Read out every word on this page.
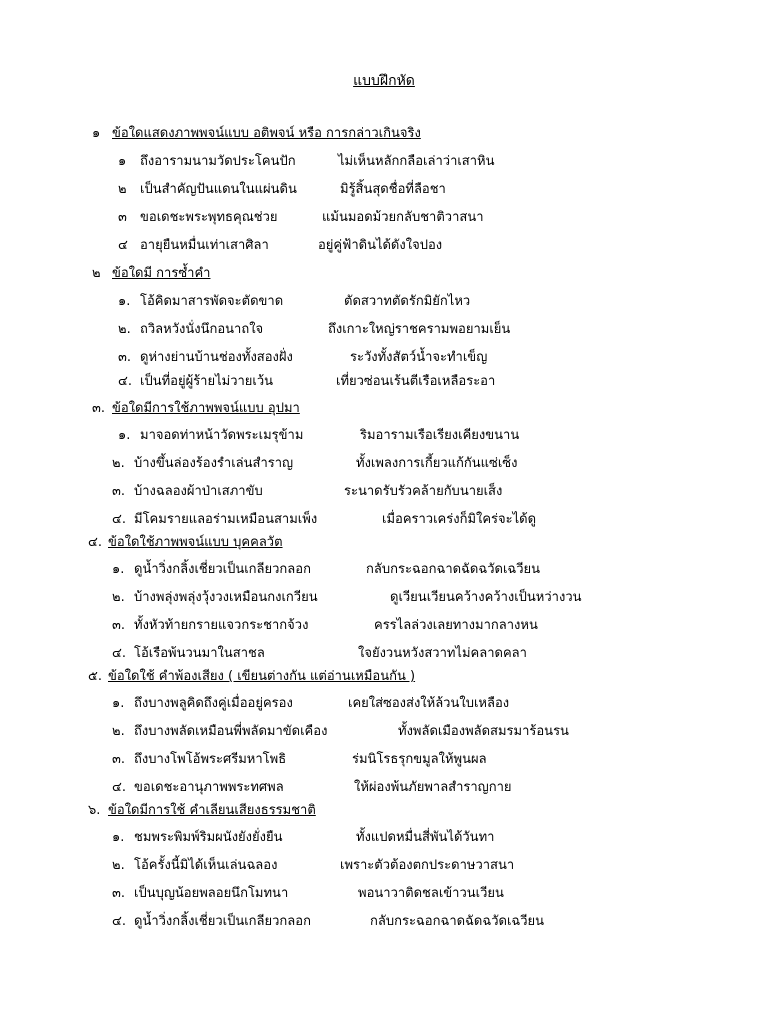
แบบฝึกหัด
๑ ข้อใดแสดงภาพพจน์แบบ อติพจน์ หรือ การกล่าวเกินจริง
๑ ถึงอารามนามวัดประโคนปัก	ไม่เห็นหลักกลือเล่าว่าเสาหิน
๒ เป็นสำคัญปันแดนในแผ่นดิน	มิรู้สิ้นสุดชื่อที่ลือชา
๓ ขอเดชะพระพุทธคุณช่วย	แม้นมอดม้วยกลับชาติวาสนา
๔ อายุยืนหมื่นเท่าเสาศิลา	อยู่คู่ฟ้าดินได้ดังใจปอง
๒ ข้อใดมี การซ้ำคำ
๑. โอ้คิดมาสารพัดจะตัดขาด	ตัดสวาทตัดรักมิยักไหว
๒. ถวิลหวังนั่งนึกอนาถใจ	ถึงเกาะใหญ่ราชครามพอยามเย็น
๓. ดูห่างย่านบ้านช่องทั้งสองฝั่ง	ระวังทั้งสัตว์น้ำจะทำเข็ญ
๔. เป็นที่อยู่ผู้ร้ายไม่วายเว้น	เที่ยวซ่อนเร้นตีเรือเหลือระอา
๓. ข้อใดมีการใช้ภาพพจน์แบบ อุปมา
๑. มาจอดท่าหน้าวัดพระเมรุข้าม	ริมอารามเรือเรียงเคียงขนาน
๒. บ้างขึ้นล่องร้องรำเล่นสำราญ	ทั้งเพลงการเกี้ยวแก้กันแซ่เซ็ง
๓. บ้างฉลองผ้าป่าเสภาขับ	ระนาดรับรัวคล้ายกับนายเส็ง
๔. มีโคมรายแลอร่ามเหมือนสามเพ็ง	เมื่อคราวเคร่งก็มิใคร่จะได้ดู
๔. ข้อใดใช้ภาพพจน์แบบ บุคคลวัต
๑. ดูน้ำวิ่งกลิ้งเชี่ยวเป็นเกลียวกลอก	กลับกระฉอกฉาดฉัดฉวัดเฉวียน
๒. บ้างพลุ่งพลุ่งวุ้งวงเหมือนกงเกวียน	ดูเวียนเวียนคว้างคว้างเป็นหว่างวน
๓. ทั้งหัวท้ายกรายแจวกระชากจ้วง	ครรไลล่วงเลยทางมากลางหน
๔. โอ้เรือพ้นวนมาในสาชล	ใจยังวนหวังสวาทไม่คลาดคลา
๕. ข้อใดใช้ คำพ้องเสียง ( เขียนต่างกัน แต่อ่านเหมือนกัน )
๑. ถึงบางพลูคิดถึงคู่เมื่ออยู่ครอง	เคยใส่ซองส่งให้ล้วนใบเหลือง
๒. ถึงบางพลัดเหมือนพี่พลัดมาขัดเคือง	ทั้งพลัดเมืองพลัดสมรมาร้อนรน
๓. ถึงบางโพโอ้พระศรีมหาโพธิ	ร่มนิโรธรุกขมูลให้พูนผล
๔. ขอเดชะอานุภาพพระทศพล	ให้ผ่องพ้นภัยพาลสำราญกาย
๖. ข้อใดมีการใช้ คำเลียนเสียงธรรมชาติ
๑. ชมพระพิมพ์ริมผนังยังยั่งยืน	ทั้งแปดหมื่นสี่พันได้วันทา
๒. โอ้ครั้งนี้มิได้เห็นเล่นฉลอง	เพราะตัวต้องตกประดาษวาสนา
๓. เป็นบุญน้อยพลอยนึกโมทนา	พอนาวาติดชลเข้าวนเวียน
๔. ดูน้ำวิ่งกลิ้งเชี่ยวเป็นเกลียวกลอก	กลับกระฉอกฉาดฉัดฉวัดเฉวียน
